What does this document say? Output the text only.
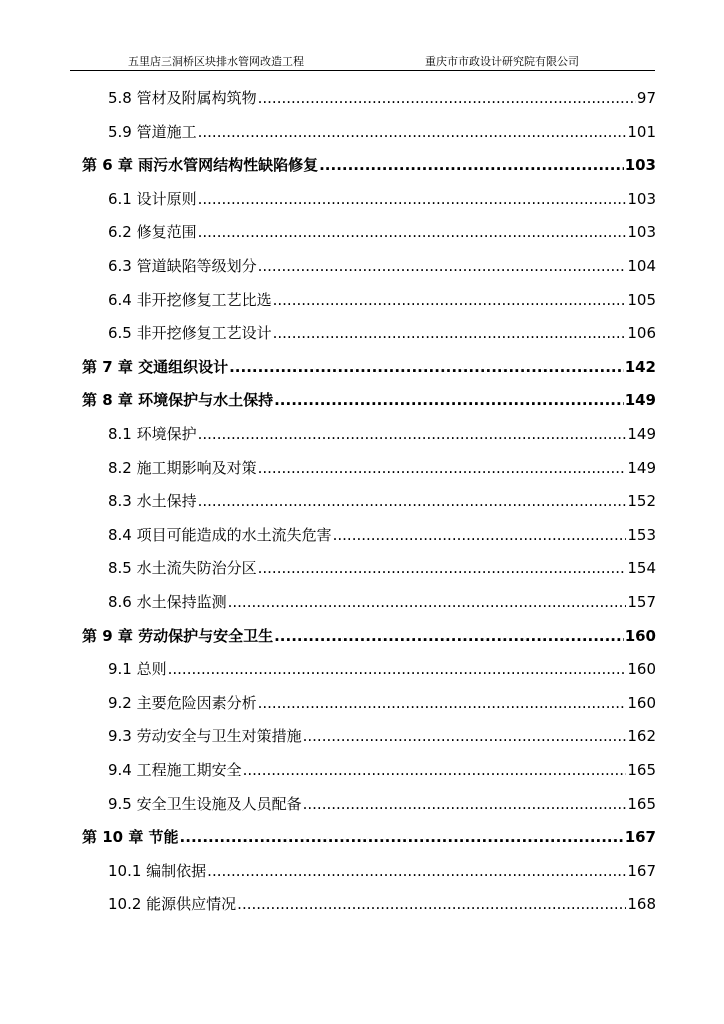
五里店三洞桥区块排水管网改造工程	重庆市市政设计研究院有限公司
5.8 管材及附属构筑物 .....	97
5.9 管道施工 .....	101
第 6 章 雨污水管网结构性缺陷修复 .....	103
6.1 设计原则 .....	103
6.2 修复范围 .....	103
6.3 管道缺陷等级划分 .....	104
6.4 非开挖修复工艺比选 .....	105
6.5 非开挖修复工艺设计 .....	106
第 7 章 交通组织设计 .....	142
第 8 章 环境保护与水土保持 .....	149
8.1 环境保护 .....	149
8.2 施工期影响及对策 .....	149
8.3 水土保持 .....	152
8.4 项目可能造成的水土流失危害 .....	153
8.5 水土流失防治分区 .....	154
8.6 水土保持监测 .....	157
第 9 章 劳动保护与安全卫生 .....	160
9.1 总则 .....	160
9.2 主要危险因素分析 .....	160
9.3 劳动安全与卫生对策措施 .....	162
9.4 工程施工期安全 .....	165
9.5 安全卫生设施及人员配备 .....	165
第 10 章 节能 .....	167
10.1 编制依据 .....	167
10.2 能源供应情况 .....	168
